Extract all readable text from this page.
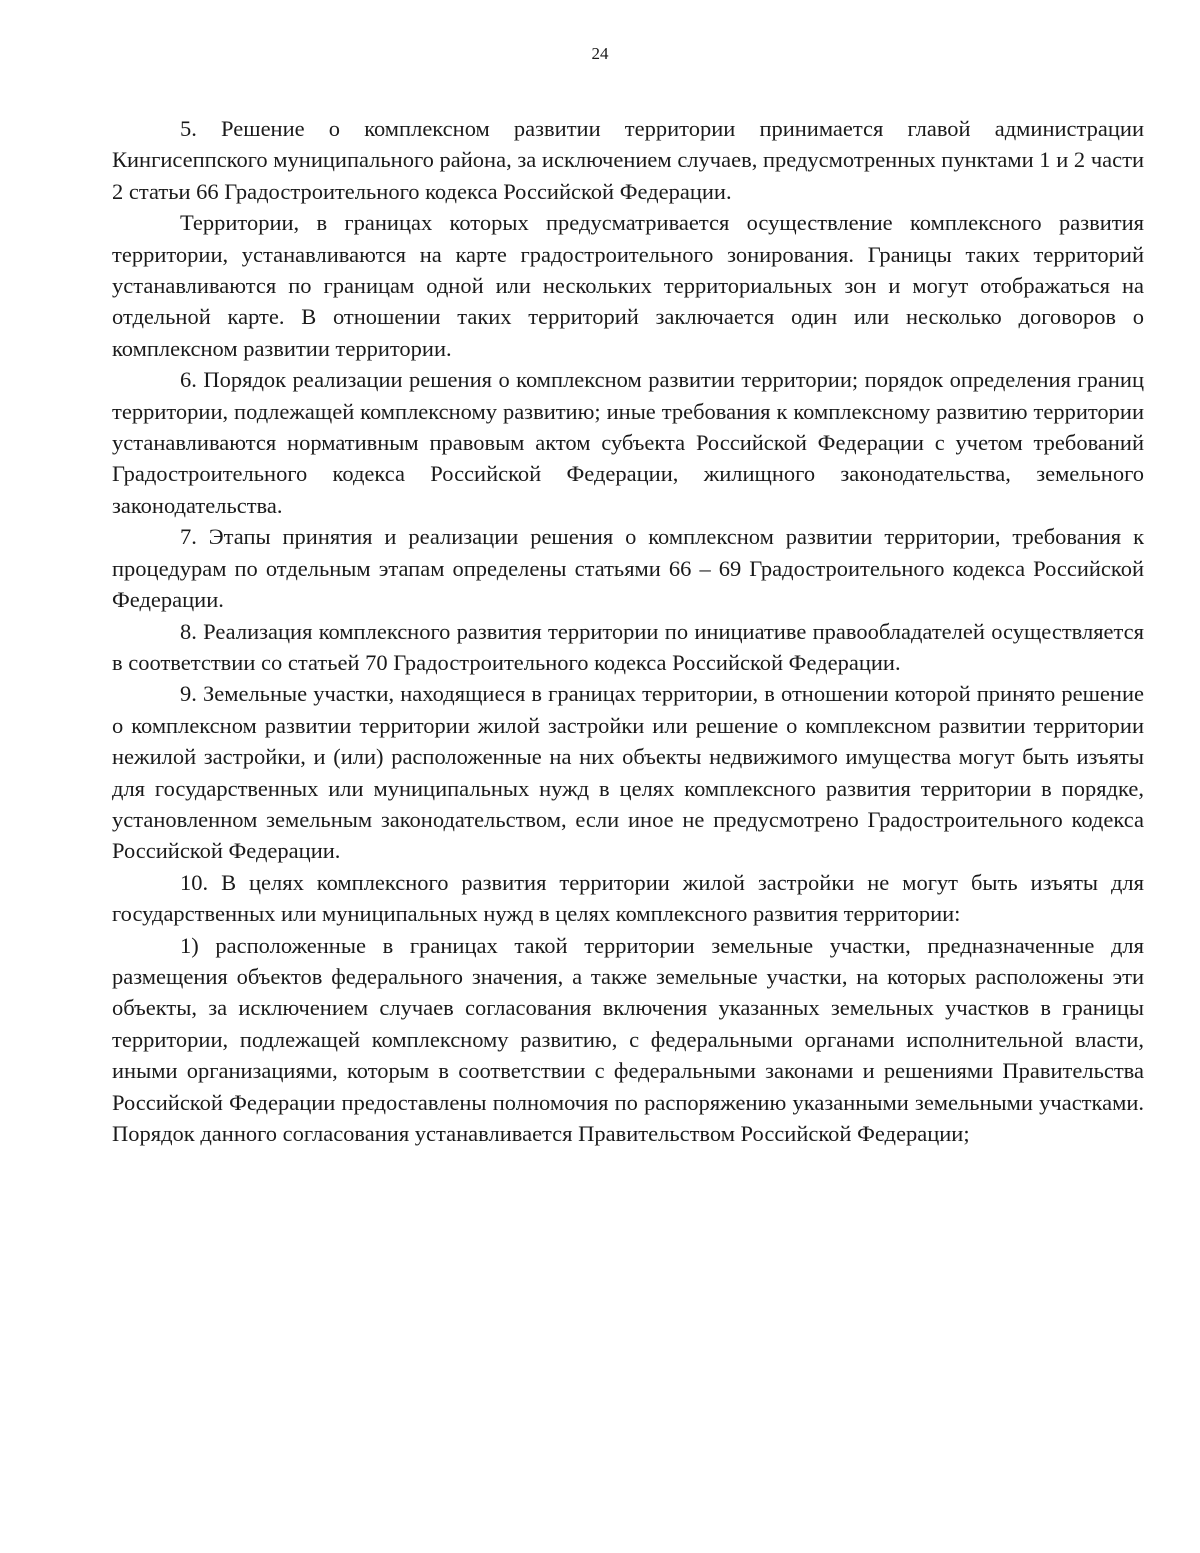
24

5. Решение о комплексном развитии территории принимается главой администрации Кингисеппского муниципального района, за исключением случаев, предусмотренных пунктами 1 и 2 части 2 статьи 66 Градостроительного кодекса Российской Федерации.

Территории, в границах которых предусматривается осуществление комплексного развития территории, устанавливаются на карте градостроительного зонирования. Границы таких территорий устанавливаются по границам одной или нескольких территориальных зон и могут отображаться на отдельной карте. В отношении таких территорий заключается один или несколько договоров о комплексном развитии территории.

6. Порядок реализации решения о комплексном развитии территории; порядок определения границ территории, подлежащей комплексному развитию; иные требования к комплексному развитию территории устанавливаются нормативным правовым актом субъекта Российской Федерации с учетом требований Градостроительного кодекса Российской Федерации, жилищного законодательства, земельного законодательства.

7. Этапы принятия и реализации решения о комплексном развитии территории, требования к процедурам по отдельным этапам определены статьями 66 – 69 Градостроительного кодекса Российской Федерации.

8. Реализация комплексного развития территории по инициативе правообладателей осуществляется в соответствии со статьей 70 Градостроительного кодекса Российской Федерации.

9. Земельные участки, находящиеся в границах территории, в отношении которой принято решение о комплексном развитии территории жилой застройки или решение о комплексном развитии территории нежилой застройки, и (или) расположенные на них объекты недвижимого имущества могут быть изъяты для государственных или муниципальных нужд в целях комплексного развития территории в порядке, установленном земельным законодательством, если иное не предусмотрено Градостроительного кодекса Российской Федерации.

10. В целях комплексного развития территории жилой застройки не могут быть изъяты для государственных или муниципальных нужд в целях комплексного развития территории:

1) расположенные в границах такой территории земельные участки, предназначенные для размещения объектов федерального значения, а также земельные участки, на которых расположены эти объекты, за исключением случаев согласования включения указанных земельных участков в границы территории, подлежащей комплексному развитию, с федеральными органами исполнительной власти, иными организациями, которым в соответствии с федеральными законами и решениями Правительства Российской Федерации предоставлены полномочия по распоряжению указанными земельными участками. Порядок данного согласования устанавливается Правительством Российской Федерации;
